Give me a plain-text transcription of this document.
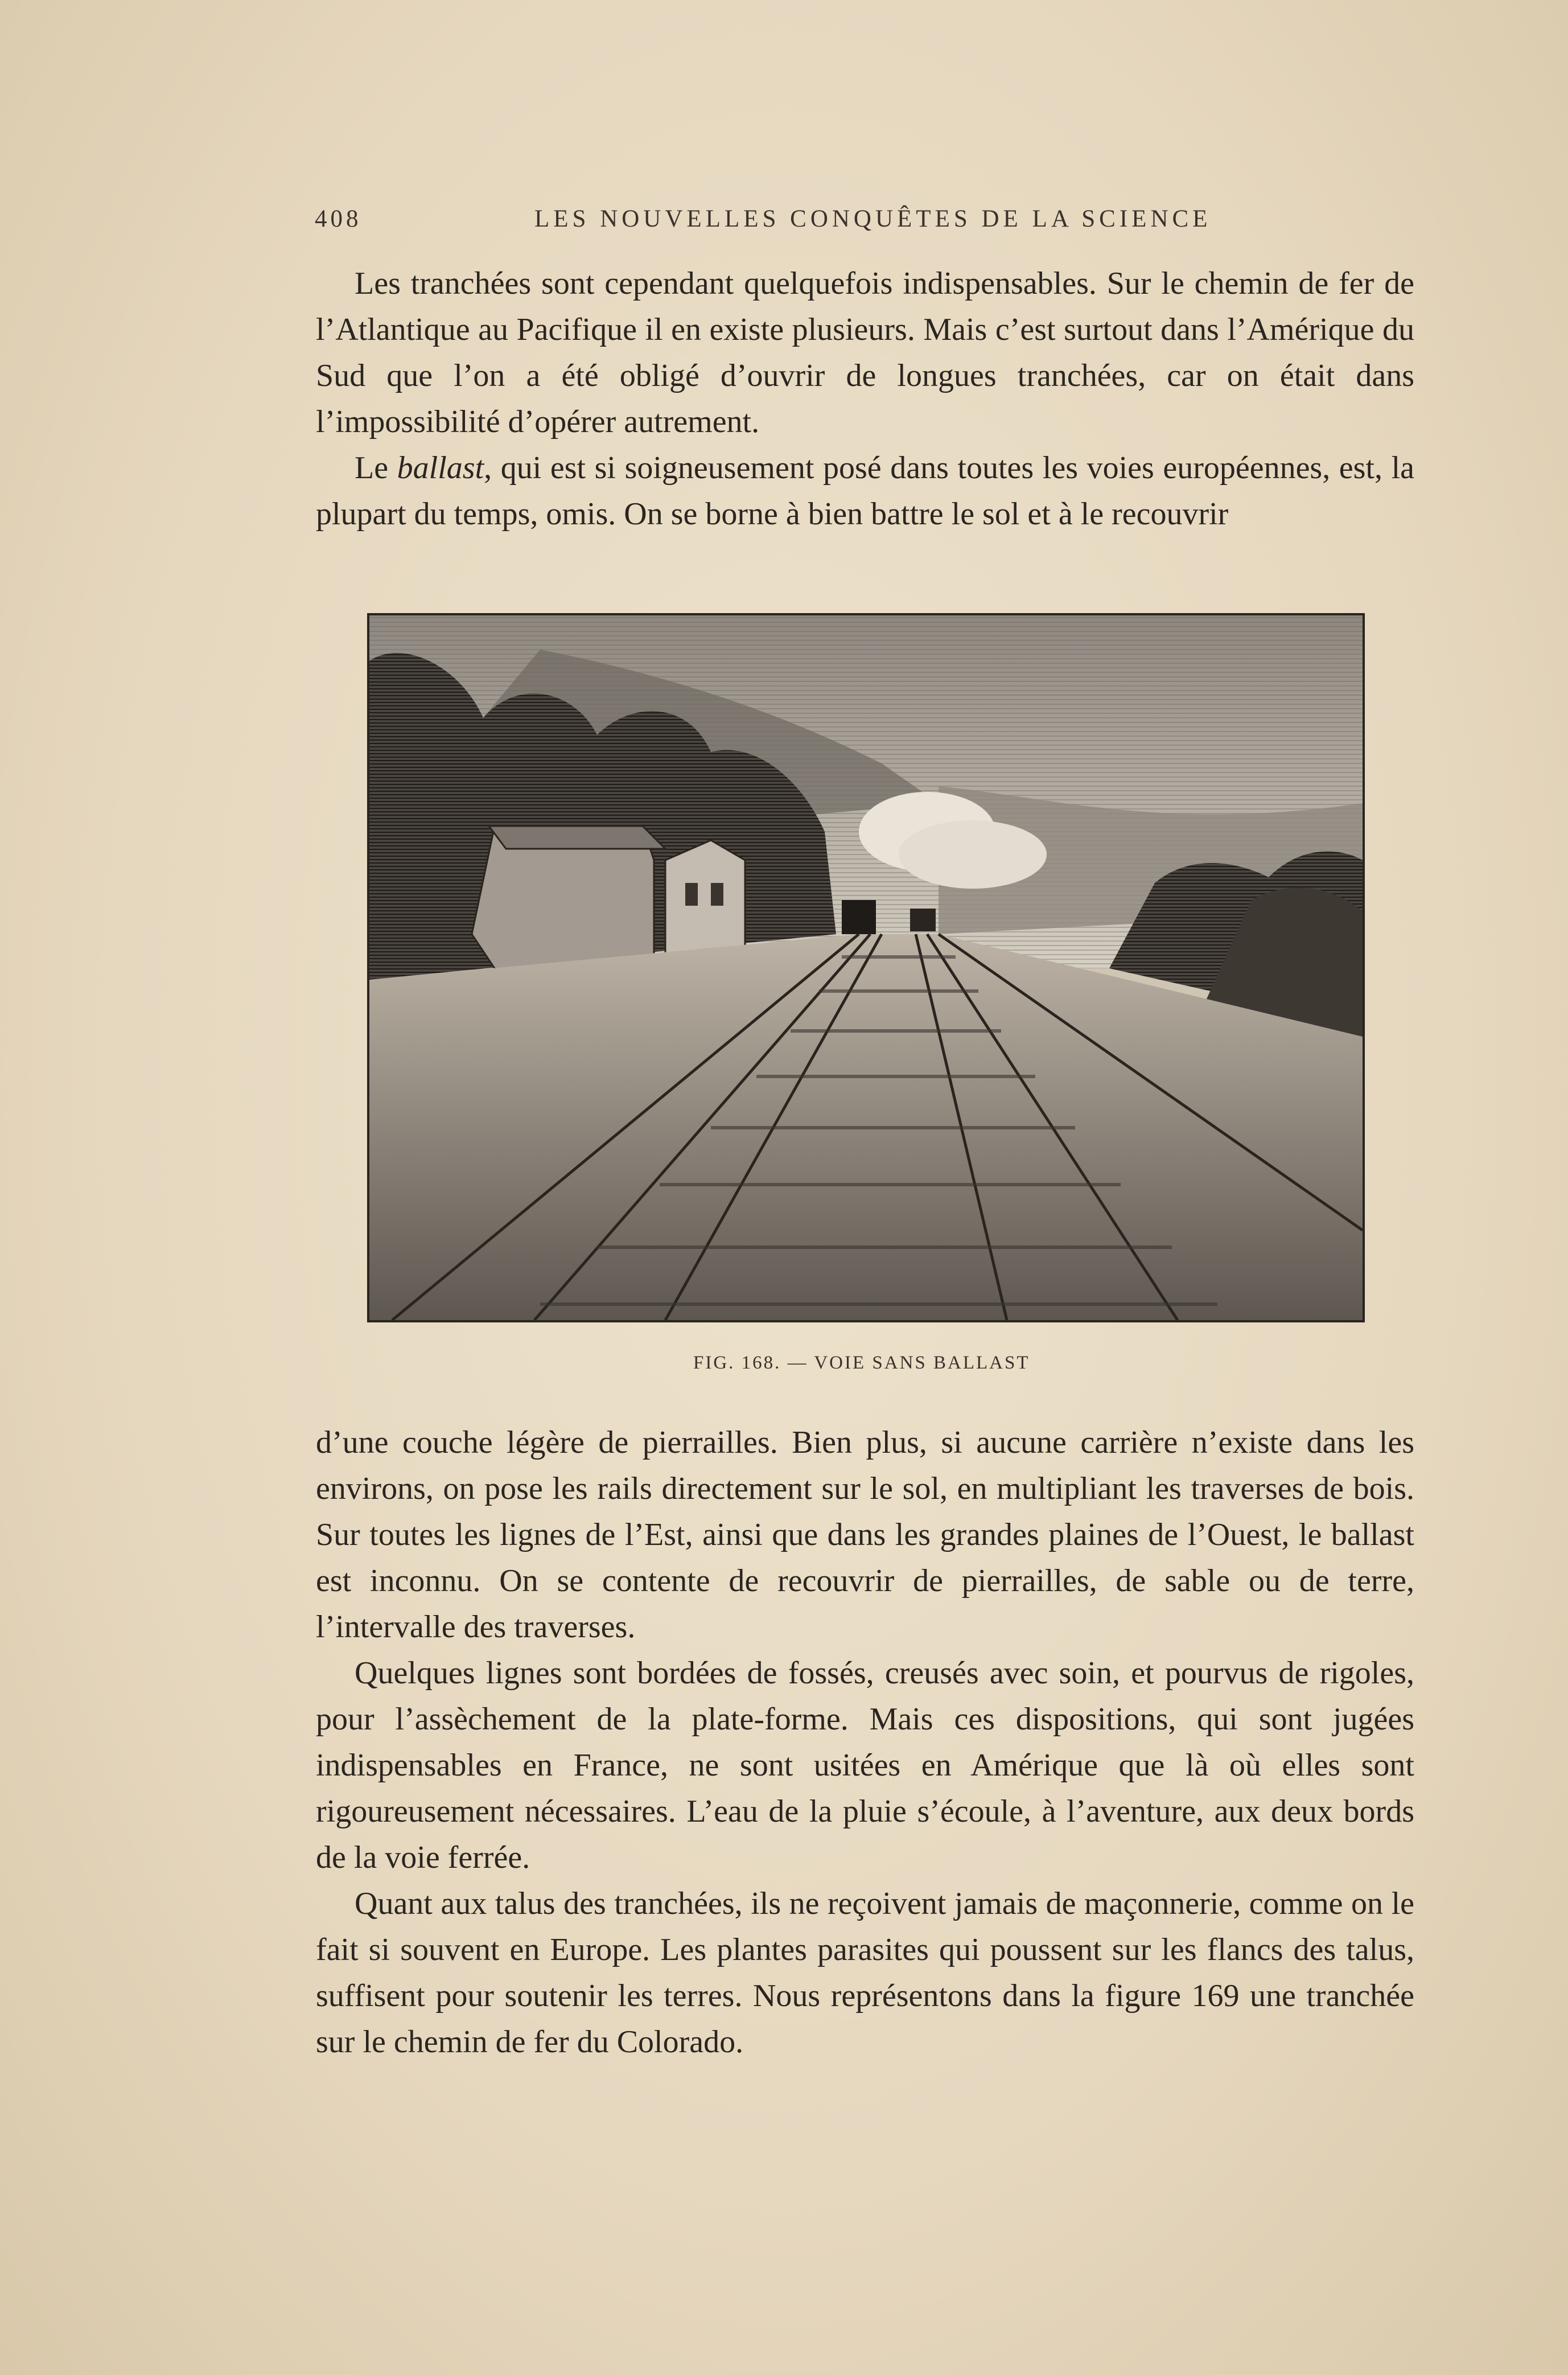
408	LES NOUVELLES CONQUÊTES DE LA SCIENCE

Les tranchées sont cependant quelquefois indispensables. Sur le chemin de fer de l’Atlantique au Pacifique il en existe plusieurs. Mais c’est surtout dans l’Amérique du Sud que l’on a été obligé d’ouvrir de longues tranchées, car on était dans l’impossibilité d’opérer autrement.

Le ballast, qui est si soigneusement posé dans toutes les voies européennes, est, la plupart du temps, omis. On se borne à bien battre le sol et à le recouvrir

FIG. 168. — VOIE SANS BALLAST

d’une couche légère de pierrailles. Bien plus, si aucune carrière n’existe dans les environs, on pose les rails directement sur le sol, en multipliant les traverses de bois. Sur toutes les lignes de l’Est, ainsi que dans les grandes plaines de l’Ouest, le ballast est inconnu. On se contente de recouvrir de pierrailles, de sable ou de terre, l’intervalle des traverses.

Quelques lignes sont bordées de fossés, creusés avec soin, et pourvus de rigoles, pour l’assèchement de la plate-forme. Mais ces dispositions, qui sont jugées indispensables en France, ne sont usitées en Amérique que là où elles sont rigoureusement nécessaires. L’eau de la pluie s’écoule, à l’aventure, aux deux bords de la voie ferrée.

Quant aux talus des tranchées, ils ne reçoivent jamais de maçonnerie, comme on le fait si souvent en Europe. Les plantes parasites qui poussent sur les flancs des talus, suffisent pour soutenir les terres. Nous représentons dans la figure 169 une tranchée sur le chemin de fer du Colorado.
